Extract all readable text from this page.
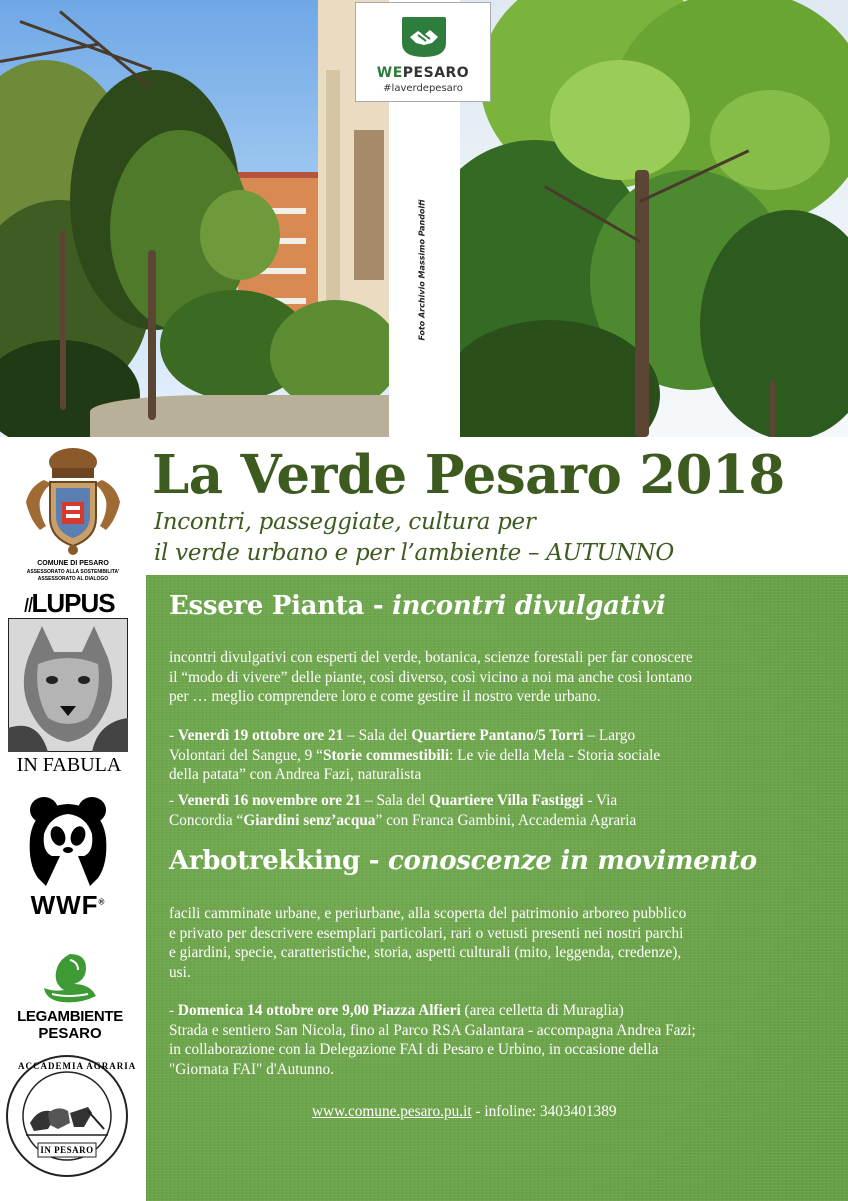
Foto Archivio Massimo Pandolfi
WEPESARO
#laverdepesaro
La Verde Pesaro 2018
Incontri, passeggiate, cultura per
il verde urbano e per l’ambiente – AUTUNNO
COMUNE DI PESARO
ASSESSORATO ALLA SOSTENIBILITA'
ASSESSORATO AL DIALOGO
IlLUPUS
IN FABULA
WWF®
LEGAMBIENTE
PESARO
ACCADEMIA AGRARIA
IN PESARO
Essere Pianta - incontri divulgativi
incontri divulgativi con esperti del verde, botanica, scienze forestali per far conoscere
il “modo di vivere” delle piante, così diverso, così vicino a noi ma anche così lontano
per … meglio comprendere loro e come gestire il nostro verde urbano.
- Venerdì 19 ottobre ore 21 – Sala del Quartiere Pantano/5 Torri – Largo
Volontari del Sangue, 9 “Storie commestibili: Le vie della Mela - Storia sociale
della patata” con Andrea Fazi, naturalista
- Venerdì 16 novembre ore 21 – Sala del Quartiere Villa Fastiggi - Via
Concordia “Giardini senz’acqua” con Franca Gambini, Accademia Agraria
Arbotrekking - conoscenze in movimento
facili camminate urbane, e periurbane, alla scoperta del patrimonio arboreo pubblico
e privato per descrivere esemplari particolari, rari o vetusti presenti nei nostri parchi
e giardini, specie, caratteristiche, storia, aspetti culturali (mito, leggenda, credenze),
usi.
- Domenica 14 ottobre ore 9,00 Piazza Alfieri (area celletta di Muraglia)
Strada e sentiero San Nicola, fino al Parco RSA Galantara - accompagna Andrea Fazi;
in collaborazione con la Delegazione FAI di Pesaro e Urbino, in occasione della
"Giornata FAI" d'Autunno.
www.comune.pesaro.pu.it - infoline: 3403401389
